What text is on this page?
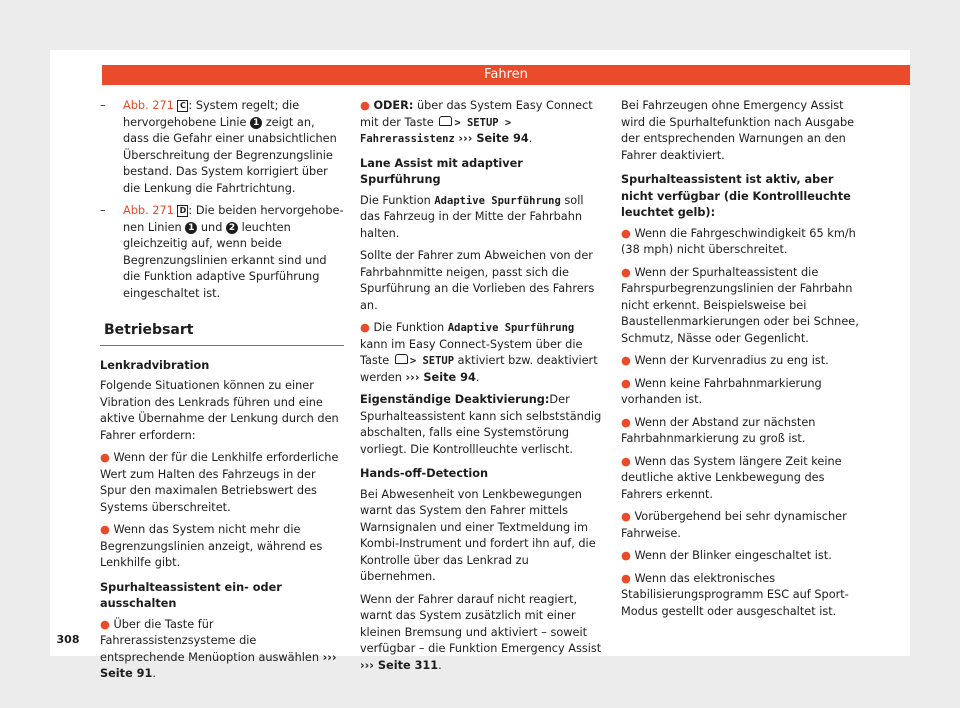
Fahren
– Abb. 271 C : System regelt; die hervorgehobene Linie 1 zeigt an, dass die Gefahr einer unabsichtlichen Überschreitung der Begrenzungslinie bestand. Das System korrigiert über die Lenkung die Fahrtrichtung.
– Abb. 271 D : Die beiden hervorgehobenen Linien 1 und 2 leuchten gleichzeitig auf, wenn beide Begrenzungslinien erkannt sind und die Funktion adaptive Spurführung eingeschaltet ist.
Betriebsart

Lenkradvibration

Folgende Situationen können zu einer Vibration des Lenkrads führen und eine aktive Übernahme der Lenkung durch den Fahrer erfordern:

● Wenn der für die Lenkhilfe erforderliche Wert zum Halten des Fahrzeugs in der Spur den maximalen Betriebswert des Systems überschreitet.

● Wenn das System nicht mehr die Begrenzungslinien anzeigt, während es Lenkhilfe gibt.

Spurhalteassistent ein- oder ausschalten

● Über die Taste für Fahrerassistenzsysteme die entsprechende Menüoption auswählen ››› Seite 91.

● ODER: über das System Easy Connect mit der Taste > SETUP > Fahrerassistenz ››› Seite 94.

Lane Assist mit adaptiver Spurführung

Die Funktion Adaptive Spurführung soll das Fahrzeug in der Mitte der Fahrbahn halten.

Sollte der Fahrer zum Abweichen von der Fahrbahnmitte neigen, passt sich die Spurführung an die Vorlieben des Fahrers an.

● Die Funktion Adaptive Spurführung kann im Easy Connect-System über die Taste > SETUP aktiviert bzw. deaktiviert werden ››› Seite 94.

Eigenständige Deaktivierung:Der Spurhalteassistent kann sich selbstständig abschalten, falls eine Systemstörung vorliegt. Die Kontrollleuchte verlischt.

Hands-off-Detection

Bei Abwesenheit von Lenkbewegungen warnt das System den Fahrer mittels Warnsignalen und einer Textmeldung im Kombi-Instrument und fordert ihn auf, die Kontrolle über das Lenkrad zu übernehmen.

Wenn der Fahrer darauf nicht reagiert, warnt das System zusätzlich mit einer kleinen Bremsung und aktiviert – soweit verfügbar – die Funktion Emergency Assist ››› Seite 311.

Bei Fahrzeugen ohne Emergency Assist wird die Spurhaltefunktion nach Ausgabe der entsprechenden Warnungen an den Fahrer deaktiviert.

Spurhalteassistent ist aktiv, aber nicht verfügbar (die Kontrollleuchte leuchtet gelb):

● Wenn die Fahrgeschwindigkeit 65 km/h (38 mph) nicht überschreitet.

● Wenn der Spurhalteassistent die Fahrspurbegrenzungslinien der Fahrbahn nicht erkennt. Beispielsweise bei Baustellenmarkierungen oder bei Schnee, Schmutz, Nässe oder Gegenlicht.

● Wenn der Kurvenradius zu eng ist.

● Wenn keine Fahrbahnmarkierung vorhanden ist.

● Wenn der Abstand zur nächsten Fahrbahnmarkierung zu groß ist.

● Wenn das System längere Zeit keine deutliche aktive Lenkbewegung des Fahrers erkennt.

● Vorübergehend bei sehr dynamischer Fahrweise.

● Wenn der Blinker eingeschaltet ist.

● Wenn das elektronisches Stabilisierungsprogramm ESC auf Sport-Modus gestellt oder ausgeschaltet ist.

308
